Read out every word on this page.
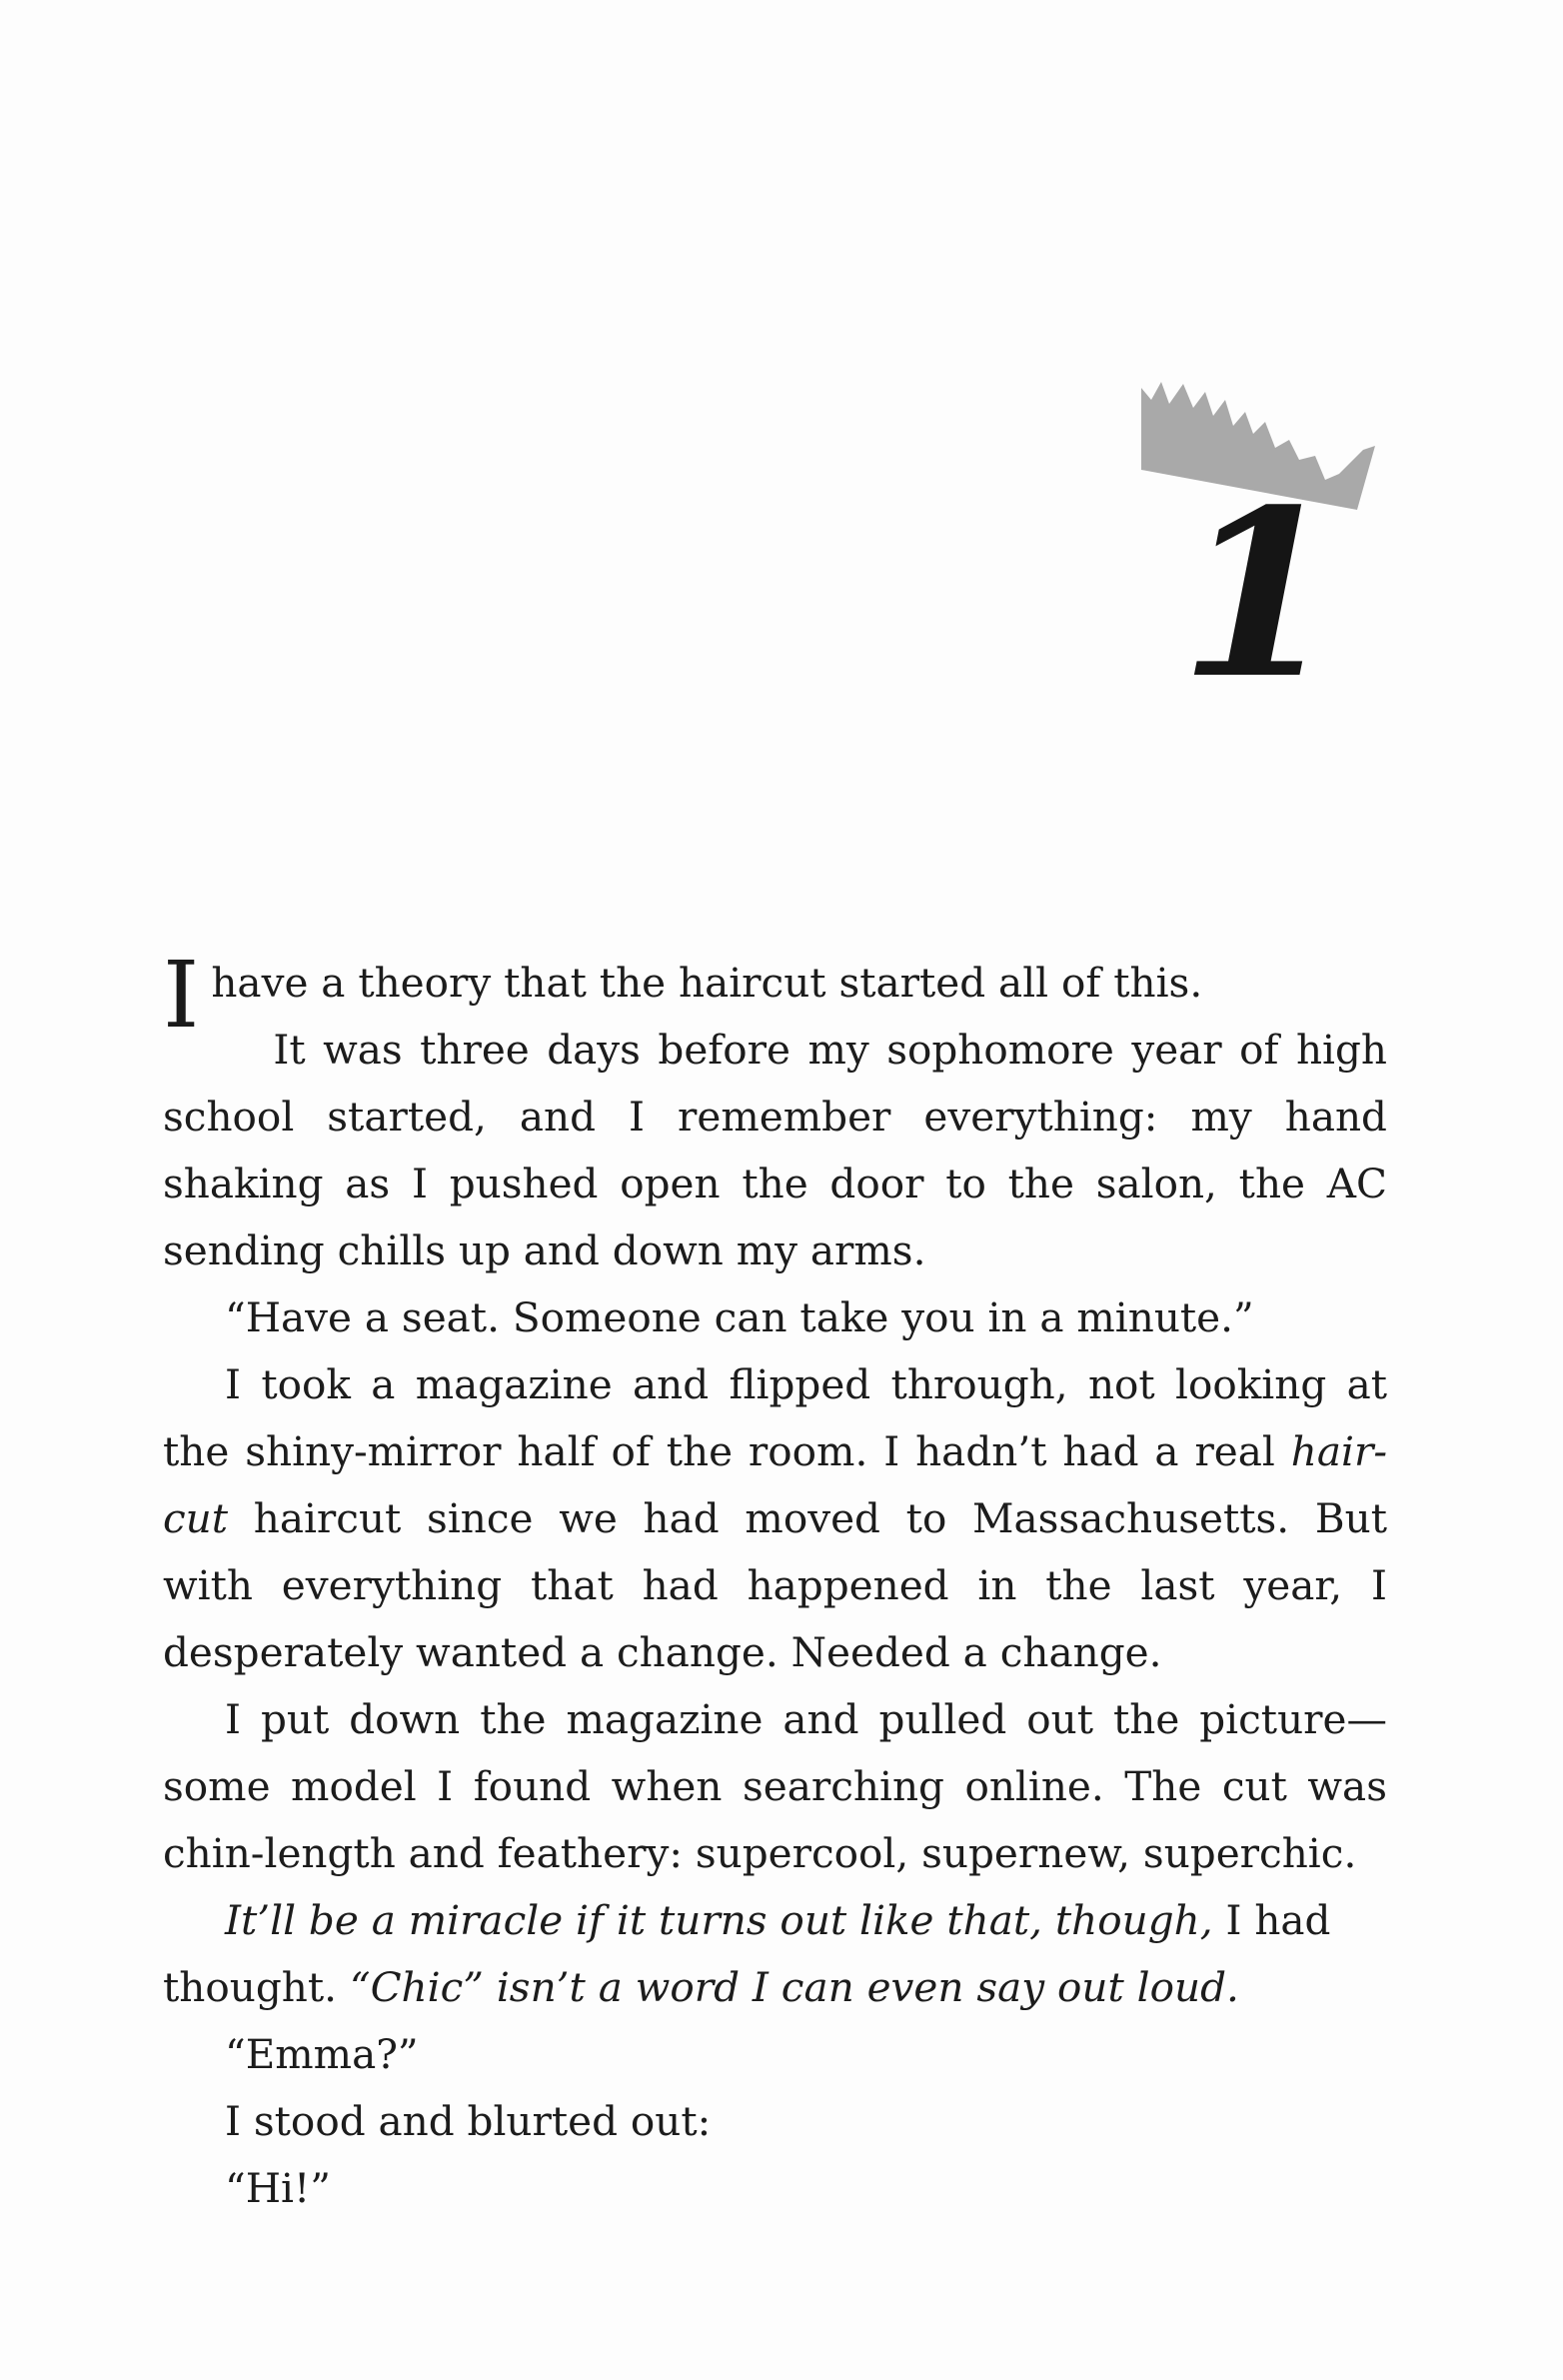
1

I have a theory that the haircut started all of this.

It was three days before my sophomore year of high school started, and I remember everything: my hand shaking as I pushed open the door to the salon, the AC sending chills up and down my arms.

“Have a seat. Someone can take you in a minute.”

I took a magazine and flipped through, not looking at the shiny-mirror half of the room. I hadn’t had a real haircut haircut since we had moved to Massachusetts. But with everything that had happened in the last year, I desperately wanted a change. Needed a change.

I put down the magazine and pulled out the picture—some model I found when searching online. The cut was chin-length and feathery: supercool, supernew, superchic.

It’ll be a miracle if it turns out like that, though, I had thought. “Chic” isn’t a word I can even say out loud.

“Emma?”

I stood and blurted out:

“Hi!”
